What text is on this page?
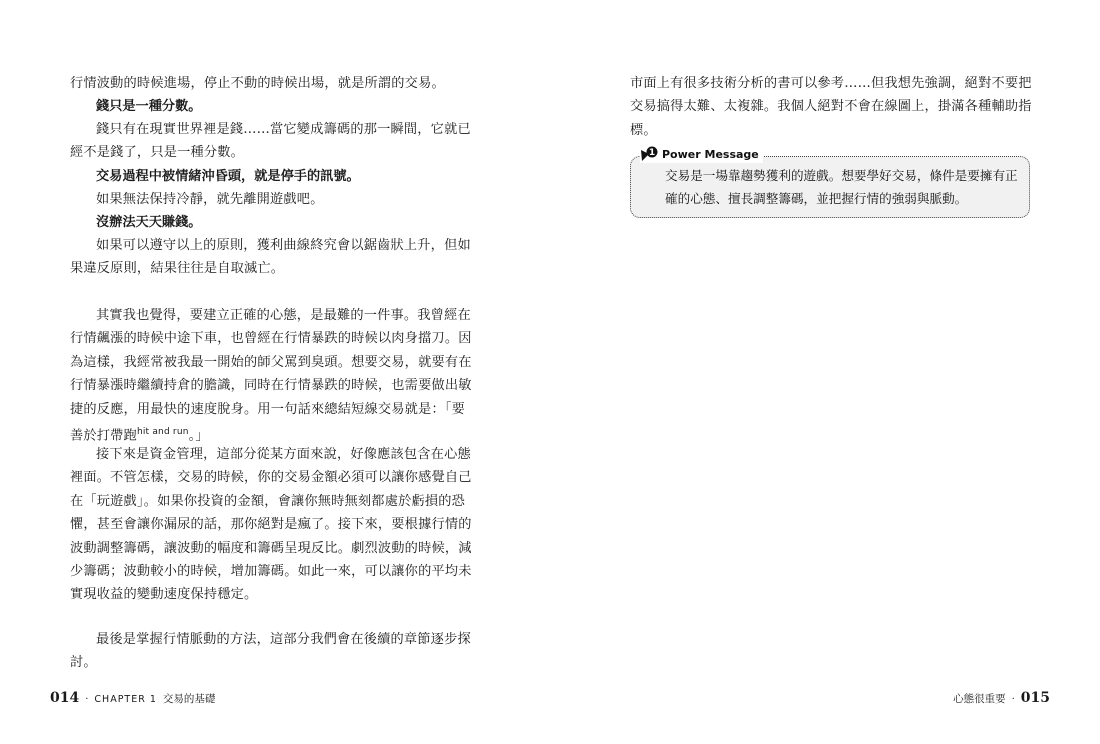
行情波動的時候進場，停止不動的時候出場，就是所謂的交易。

錢只是一種分數。

錢只有在現實世界裡是錢……當它變成籌碼的那一瞬間，它就已經不是錢了，只是一種分數。

交易過程中被情緒沖昏頭，就是停手的訊號。

如果無法保持冷靜，就先離開遊戲吧。

沒辦法天天賺錢。

如果可以遵守以上的原則，獲利曲線終究會以鋸齒狀上升，但如果違反原則，結果往往是自取滅亡。

其實我也覺得，要建立正確的心態，是最難的一件事。我曾經在行情飆漲的時候中途下車，也曾經在行情暴跌的時候以肉身擋刀。因為這樣，我經常被我最一開始的師父罵到臭頭。想要交易，就要有在行情暴漲時繼續持倉的膽識，同時在行情暴跌的時候，也需要做出敏捷的反應，用最快的速度脫身。用一句話來總結短線交易就是：「要善於打帶跑$^{hit and run}$。」

接下來是資金管理，這部分從某方面來說，好像應該包含在心態裡面。不管怎樣，交易的時候，你的交易金額必須可以讓你感覺自己在「玩遊戲」。如果你投資的金額，會讓你無時無刻都處於虧損的恐懼，甚至會讓你漏尿的話，那你絕對是瘋了。接下來，要根據行情的波動調整籌碼，讓波動的幅度和籌碼呈現反比。劇烈波動的時候，減少籌碼；波動較小的時候，增加籌碼。如此一來，可以讓你的平均未實現收益的變動速度保持穩定。

最後是掌握行情脈動的方法，這部分我們會在後續的章節逐步探討。

市面上有很多技術分析的書可以參考……但我想先強調，絕對不要把交易搞得太難、太複雜。我個人絕對不會在線圖上，掛滿各種輔助指標。

1 Power Message

交易是一場靠趨勢獲利的遊戲。想要學好交易，條件是要擁有正確的心態、擅長調整籌碼，並把握行情的強弱與脈動。

014 · CHAPTER 1 交易的基礎	心態很重要 · 015
